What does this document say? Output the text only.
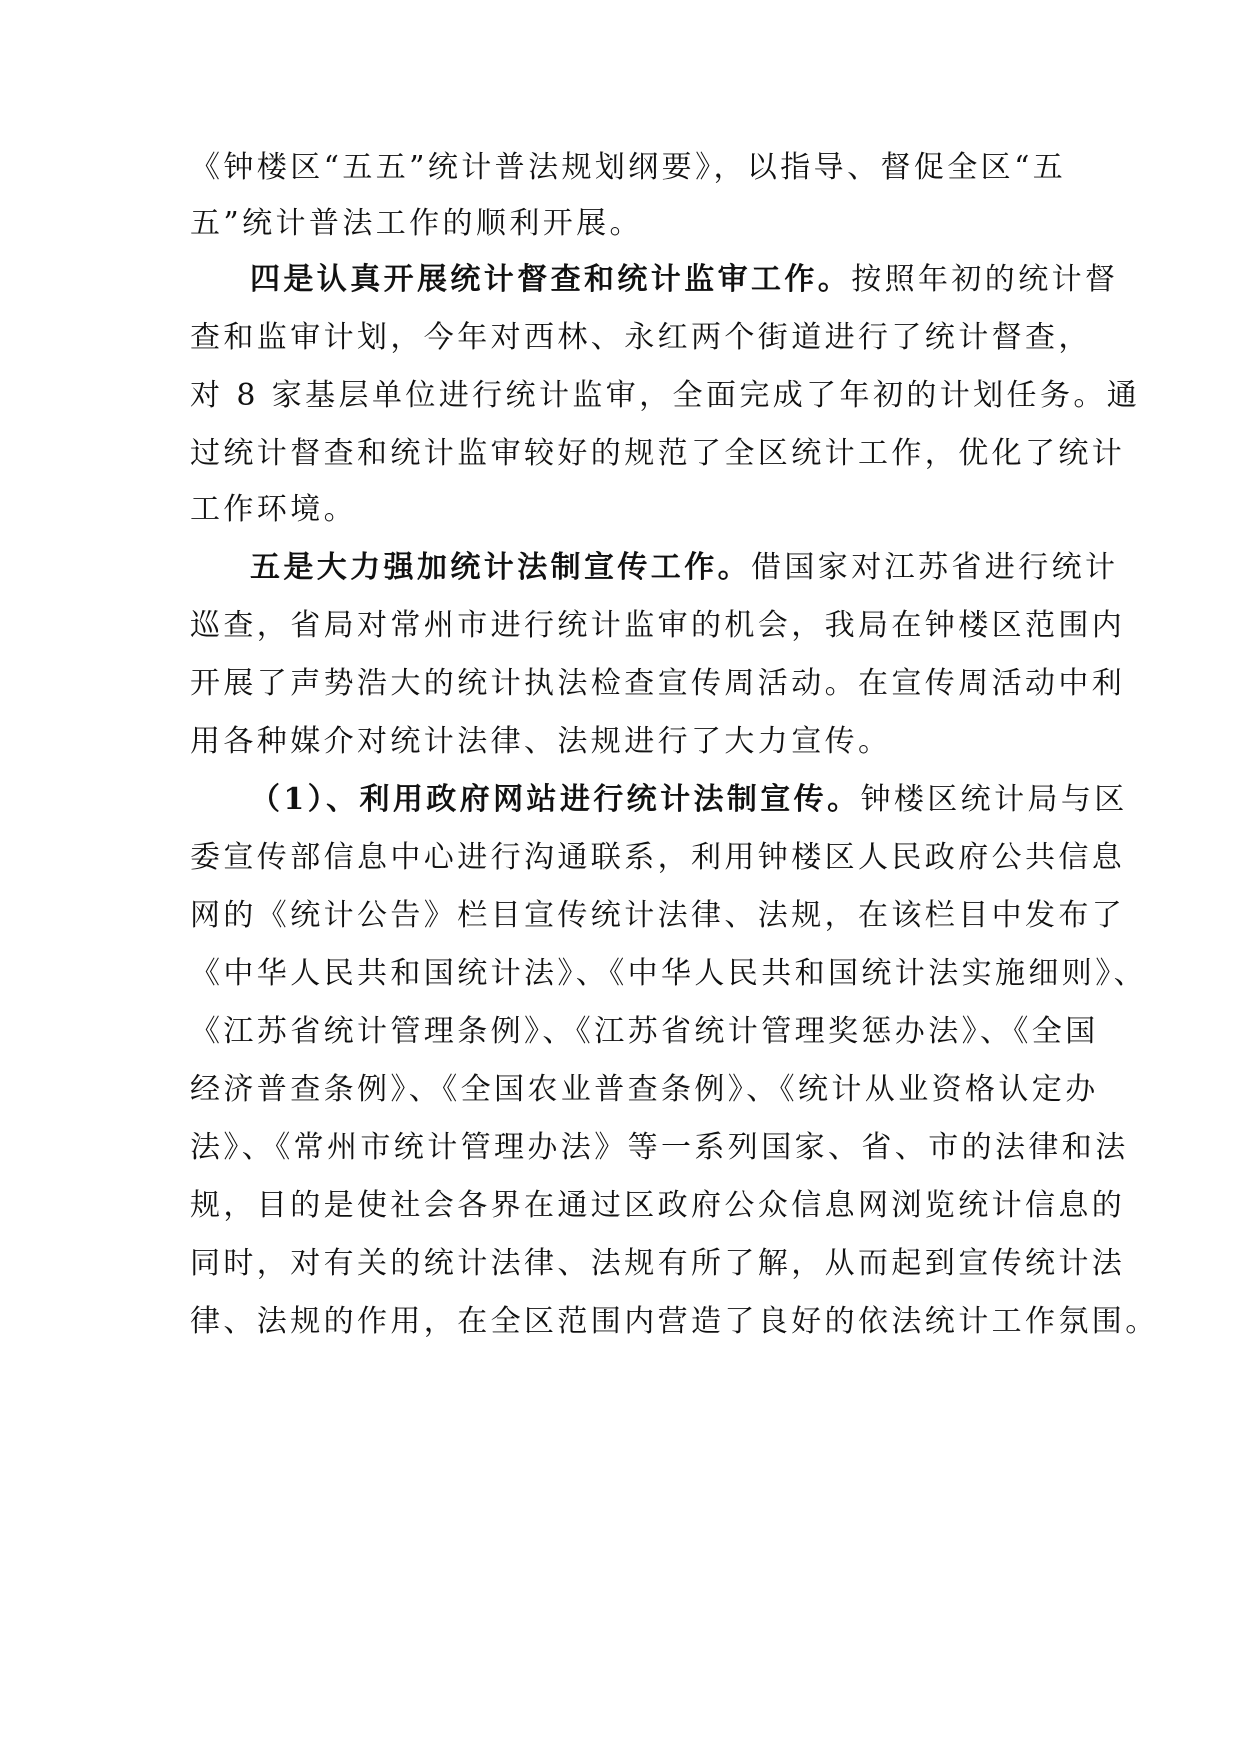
《钟楼区“五五”统计普法规划纲要》，以指导、督促全区“五
五”统计普法工作的顺利开展。
四是认真开展统计督查和统计监审工作。按照年初的统计督
查和监审计划，今年对西林、永红两个街道进行了统计督查，
对 8 家基层单位进行统计监审，全面完成了年初的计划任务。通
过统计督查和统计监审较好的规范了全区统计工作，优化了统计
工作环境。
五是大力强加统计法制宣传工作。借国家对江苏省进行统计
巡查，省局对常州市进行统计监审的机会，我局在钟楼区范围内
开展了声势浩大的统计执法检查宣传周活动。在宣传周活动中利
用各种媒介对统计法律、法规进行了大力宣传。
（1）、利用政府网站进行统计法制宣传。钟楼区统计局与区
委宣传部信息中心进行沟通联系，利用钟楼区人民政府公共信息
网的《统计公告》栏目宣传统计法律、法规，在该栏目中发布了
《中华人民共和国统计法》、《中华人民共和国统计法实施细则》、
《江苏省统计管理条例》、《江苏省统计管理奖惩办法》、《全国
经济普查条例》、《全国农业普查条例》、《统计从业资格认定办
法》、《常州市统计管理办法》等一系列国家、省、市的法律和法
规，目的是使社会各界在通过区政府公众信息网浏览统计信息的
同时，对有关的统计法律、法规有所了解，从而起到宣传统计法
律、法规的作用，在全区范围内营造了良好的依法统计工作氛围。
